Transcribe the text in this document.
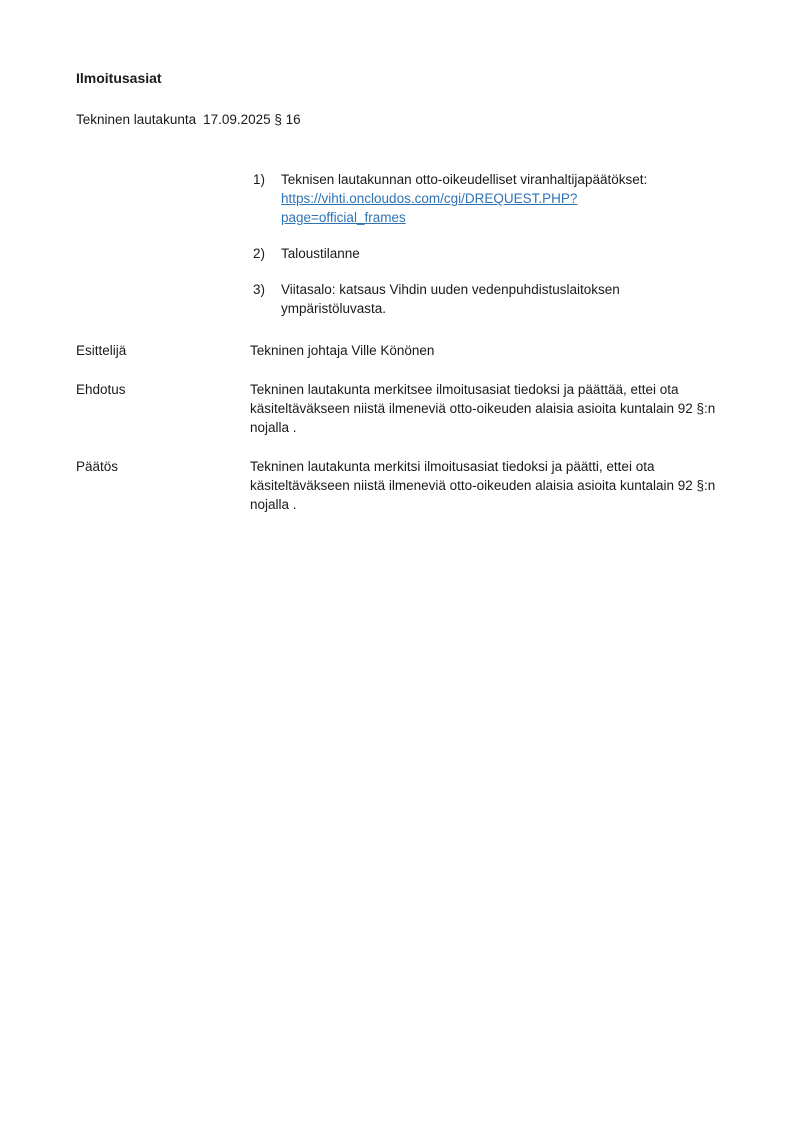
Ilmoitusasiat

Tekninen lautakunta 17.09.2025 § 16

1)	Teknisen lautakunnan otto-oikeudelliset viranhaltijapäätökset:
https://vihti.oncloudos.com/cgi/DREQUEST.PHP?page=official_frames
2)	Taloustilanne
3)	Viitasalo: katsaus Vihdin uuden vedenpuhdistuslaitoksen ympäristöluvasta.
Esittelijä	Tekninen johtaja Ville Könönen
Ehdotus	Tekninen lautakunta merkitsee ilmoitusasiat tiedoksi ja päättää, ettei ota käsiteltäväkseen niistä ilmeneviä otto-oikeuden alaisia asioita kuntalain 92 §:n nojalla .
Päätös	Tekninen lautakunta merkitsi ilmoitusasiat tiedoksi ja päätti, ettei ota käsiteltäväkseen niistä ilmeneviä otto-oikeuden alaisia asioita kuntalain 92 §:n nojalla .
